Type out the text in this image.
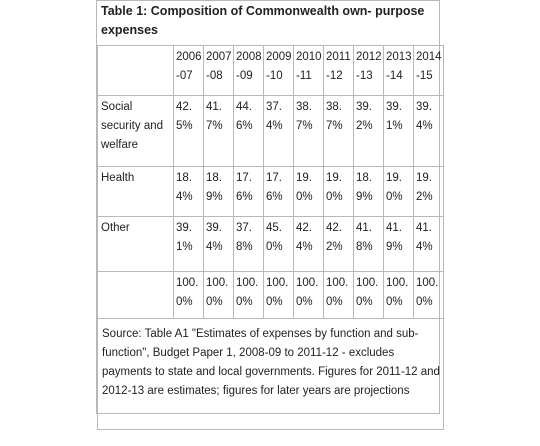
Table 1: Composition of Commonwealth own- purpose expenses
	2006-07	2007-08	2008-09	2009-10	2010-11	2011-12	2012-13	2013-14	2014-15
Social security and welfare	42.5%	41.7%	44.6%	37.4%	38.7%	38.7%	39.2%	39.1%	39.4%
Health	18.4%	18.9%	17.6%	17.6%	19.0%	19.0%	18.9%	19.0%	19.2%
Other	39.1%	39.4%	37.8%	45.0%	42.4%	42.2%	41.8%	41.9%	41.4%
	100.0%	100.0%	100.0%	100.0%	100.0%	100.0%	100.0%	100.0%	100.0%
Source: Table A1 "Estimates of expenses by function and sub-function", Budget Paper 1, 2008-09 to 2011-12 - excludes payments to state and local governments. Figures for 2011-12 and 2012-13 are estimates; figures for later years are projections									
